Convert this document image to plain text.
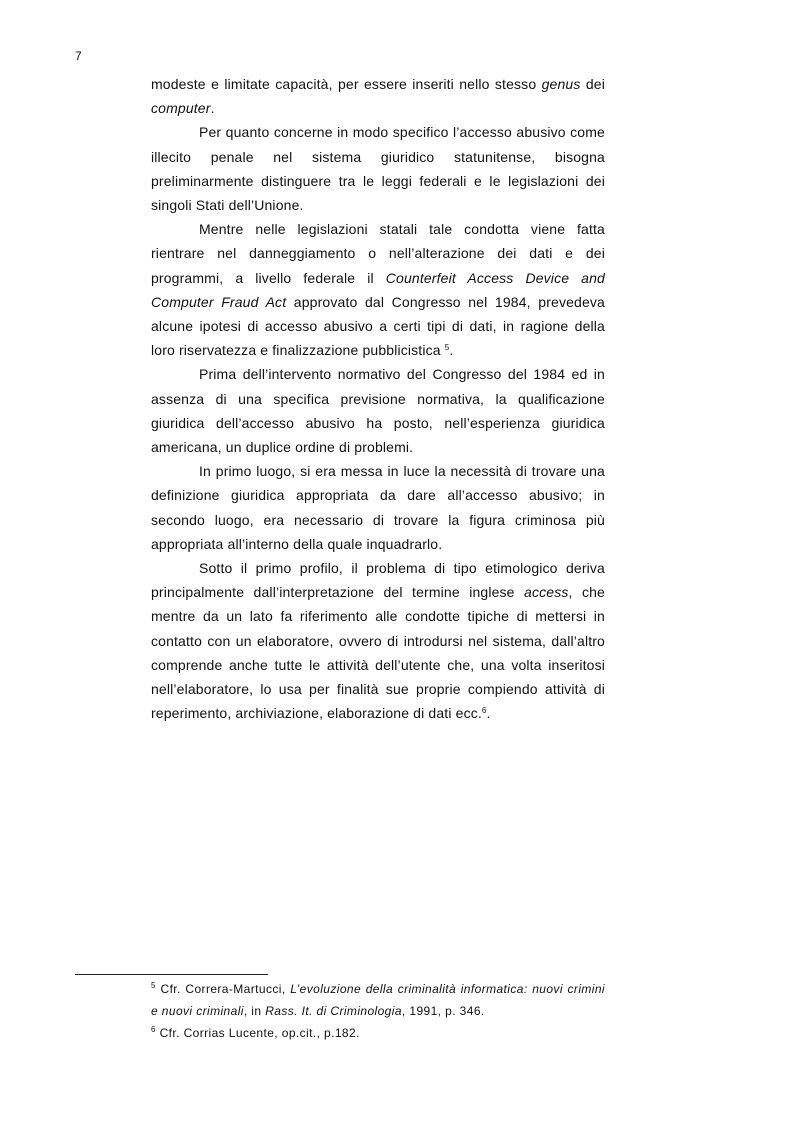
7

modeste e limitate capacità, per essere inseriti nello stesso genus dei computer.

Per quanto concerne in modo specifico l’accesso abusivo come illecito penale nel sistema giuridico statunitense, bisogna preliminarmente distinguere tra le leggi federali e le legislazioni dei singoli Stati dell’Unione.

Mentre nelle legislazioni statali tale condotta viene fatta rientrare nel danneggiamento o nell’alterazione dei dati e dei programmi, a livello federale il Counterfeit Access Device and Computer Fraud Act approvato dal Congresso nel 1984, prevedeva alcune ipotesi di accesso abusivo a certi tipi di dati, in ragione della loro riservatezza e finalizzazione pubblicistica $^5$.

Prima dell’intervento normativo del Congresso del 1984 ed in assenza di una specifica previsione normativa, la qualificazione giuridica dell’accesso abusivo ha posto, nell’esperienza giuridica americana, un duplice ordine di problemi.

In primo luogo, si era messa in luce la necessità di trovare una definizione giuridica appropriata da dare all’accesso abusivo; in secondo luogo, era necessario di trovare la figura criminosa più appropriata all’interno della quale inquadrarlo.

Sotto il primo profilo, il problema di tipo etimologico deriva principalmente dall’interpretazione del termine inglese access, che mentre da un lato fa riferimento alle condotte tipiche di mettersi in contatto con un elaboratore, ovvero di introdursi nel sistema, dall’altro comprende anche tutte le attività dell’utente che, una volta inseritosi nell’elaboratore, lo usa per finalità sue proprie compiendo attività di reperimento, archiviazione, elaborazione di dati ecc.$^6$.

$^5$ Cfr. Correra-Martucci, L’evoluzione della criminalità informatica: nuovi crimini e nuovi criminali, in Rass. It. di Criminologia, 1991, p. 346.

$^6$ Cfr. Corrias Lucente, op.cit., p.182.
